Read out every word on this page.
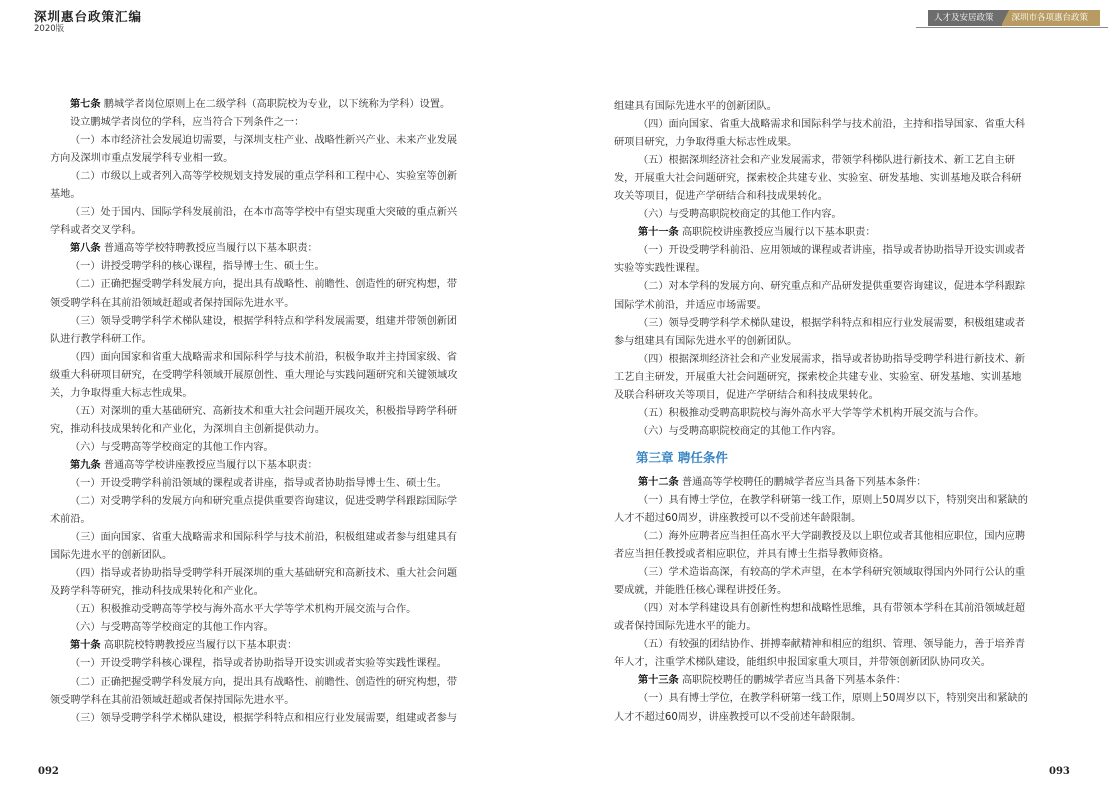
深圳惠台政策汇编
2020版
人才及安居政策	深圳市各项惠台政策
第七条 鹏城学者岗位原则上在二级学科（高职院校为专业，以下统称为学科）设置。
设立鹏城学者岗位的学科，应当符合下列条件之一：
（一）本市经济社会发展迫切需要，与深圳支柱产业、战略性新兴产业、未来产业发展
方向及深圳市重点发展学科专业相一致。
（二）市级以上或者列入高等学校规划支持发展的重点学科和工程中心、实验室等创新
基地。
（三）处于国内、国际学科发展前沿，在本市高等学校中有望实现重大突破的重点新兴
学科或者交叉学科。
第八条 普通高等学校特聘教授应当履行以下基本职责：
（一）讲授受聘学科的核心课程，指导博士生、硕士生。
（二）正确把握受聘学科发展方向，提出具有战略性、前瞻性、创造性的研究构想，带
领受聘学科在其前沿领域赶超或者保持国际先进水平。
（三）领导受聘学科学术梯队建设，根据学科特点和学科发展需要，组建并带领创新团
队进行教学科研工作。
（四）面向国家和省重大战略需求和国际科学与技术前沿，积极争取并主持国家级、省
级重大科研项目研究，在受聘学科领域开展原创性、重大理论与实践问题研究和关键领域攻
关，力争取得重大标志性成果。
（五）对深圳的重大基础研究、高新技术和重大社会问题开展攻关，积极指导跨学科研
究，推动科技成果转化和产业化，为深圳自主创新提供动力。
（六）与受聘高等学校商定的其他工作内容。
第九条 普通高等学校讲座教授应当履行以下基本职责：
（一）开设受聘学科前沿领域的课程或者讲座，指导或者协助指导博士生、硕士生。
（二）对受聘学科的发展方向和研究重点提供重要咨询建议，促进受聘学科跟踪国际学
术前沿。
（三）面向国家、省重大战略需求和国际科学与技术前沿，积极组建或者参与组建具有
国际先进水平的创新团队。
（四）指导或者协助指导受聘学科开展深圳的重大基础研究和高新技术、重大社会问题
及跨学科等研究，推动科技成果转化和产业化。
（五）积极推动受聘高等学校与海外高水平大学等学术机构开展交流与合作。
（六）与受聘高等学校商定的其他工作内容。
第十条 高职院校特聘教授应当履行以下基本职责：
（一）开设受聘学科核心课程，指导或者协助指导开设实训或者实验等实践性课程。
（二）正确把握受聘学科发展方向，提出具有战略性、前瞻性、创造性的研究构想，带
领受聘学科在其前沿领域赶超或者保持国际先进水平。
（三）领导受聘学科学术梯队建设，根据学科特点和相应行业发展需要，组建或者参与
组建具有国际先进水平的创新团队。
（四）面向国家、省重大战略需求和国际科学与技术前沿，主持和指导国家、省重大科
研项目研究，力争取得重大标志性成果。
（五）根据深圳经济社会和产业发展需求，带领学科梯队进行新技术、新工艺自主研
发，开展重大社会问题研究，探索校企共建专业、实验室、研发基地、实训基地及联合科研
攻关等项目，促进产学研结合和科技成果转化。
（六）与受聘高职院校商定的其他工作内容。
第十一条 高职院校讲座教授应当履行以下基本职责：
（一）开设受聘学科前沿、应用领域的课程或者讲座，指导或者协助指导开设实训或者
实验等实践性课程。
（二）对本学科的发展方向、研究重点和产品研发提供重要咨询建议，促进本学科跟踪
国际学术前沿，并适应市场需要。
（三）领导受聘学科学术梯队建设，根据学科特点和相应行业发展需要，积极组建或者
参与组建具有国际先进水平的创新团队。
（四）根据深圳经济社会和产业发展需求，指导或者协助指导受聘学科进行新技术、新
工艺自主研发，开展重大社会问题研究，探索校企共建专业、实验室、研发基地、实训基地
及联合科研攻关等项目，促进产学研结合和科技成果转化。
（五）积极推动受聘高职院校与海外高水平大学等学术机构开展交流与合作。
（六）与受聘高职院校商定的其他工作内容。
第三章 聘任条件
第十二条 普通高等学校聘任的鹏城学者应当具备下列基本条件：
（一）具有博士学位，在教学科研第一线工作，原则上50周岁以下，特别突出和紧缺的
人才不超过60周岁，讲座教授可以不受前述年龄限制。
（二）海外应聘者应当担任高水平大学副教授及以上职位或者其他相应职位，国内应聘
者应当担任教授或者相应职位，并具有博士生指导教师资格。
（三）学术造诣高深，有较高的学术声望，在本学科研究领域取得国内外同行公认的重
要成就，并能胜任核心课程讲授任务。
（四）对本学科建设具有创新性构想和战略性思维，具有带领本学科在其前沿领域赶超
或者保持国际先进水平的能力。
（五）有较强的团结协作、拼搏奉献精神和相应的组织、管理、领导能力，善于培养青
年人才，注重学术梯队建设，能组织申报国家重大项目，并带领创新团队协同攻关。
第十三条 高职院校聘任的鹏城学者应当具备下列基本条件：
（一）具有博士学位，在教学科研第一线工作，原则上50周岁以下，特别突出和紧缺的
人才不超过60周岁，讲座教授可以不受前述年龄限制。
092	093
